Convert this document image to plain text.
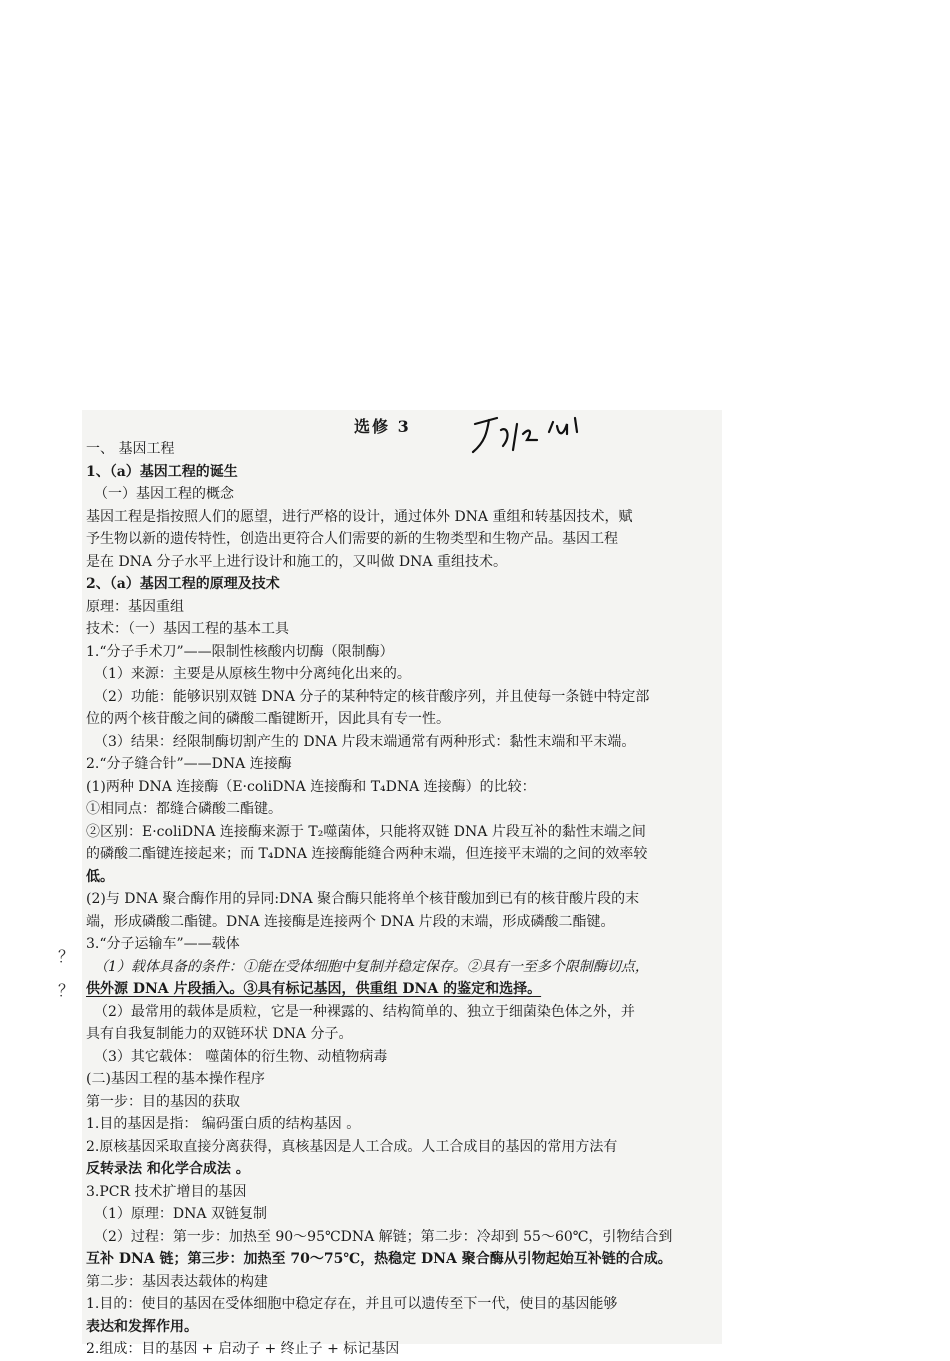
选修 3
一、 基因工程
1、（a）基因工程的诞生
（一）基因工程的概念
基因工程是指按照人们的愿望，进行严格的设计，通过体外 DNA 重组和转基因技术，赋
予生物以新的遗传特性，创造出更符合人们需要的新的生物类型和生物产品。基因工程
是在 DNA 分子水平上进行设计和施工的，又叫做 DNA 重组技术。
2、（a）基因工程的原理及技术
原理：基因重组
技术：（一）基因工程的基本工具
1.“分子手术刀”——限制性核酸内切酶（限制酶）
（1）来源：主要是从原核生物中分离纯化出来的。
（2）功能：能够识别双链 DNA 分子的某种特定的核苷酸序列，并且使每一条链中特定部
位的两个核苷酸之间的磷酸二酯键断开，因此具有专一性。
（3）结果：经限制酶切割产生的 DNA 片段末端通常有两种形式：黏性末端和平末端。
2.“分子缝合针”——DNA 连接酶
(1)两种 DNA 连接酶（E·coliDNA 连接酶和 T₄DNA 连接酶）的比较：
①相同点：都缝合磷酸二酯键。
②区别：E·coliDNA 连接酶来源于 T₂噬菌体，只能将双链 DNA 片段互补的黏性末端之间
的磷酸二酯键连接起来；而 T₄DNA 连接酶能缝合两种末端，但连接平末端的之间的效率较
低。
(2)与 DNA 聚合酶作用的异同:DNA 聚合酶只能将单个核苷酸加到已有的核苷酸片段的末
端，形成磷酸二酯键。DNA 连接酶是连接两个 DNA 片段的末端，形成磷酸二酯键。
3.“分子运输车”——载体
（1）载体具备的条件：①能在受体细胞中复制并稳定保存。②具有一至多个限制酶切点，
供外源 DNA 片段插入。③具有标记基因，供重组 DNA 的鉴定和选择。
（2）最常用的载体是质粒，它是一种裸露的、结构简单的、独立于细菌染色体之外，并
具有自我复制能力的双链环状 DNA 分子。
（3）其它载体： 噬菌体的衍生物、动植物病毒
(二)基因工程的基本操作程序
第一步：目的基因的获取
1.目的基因是指： 编码蛋白质的结构基因 。
2.原核基因采取直接分离获得，真核基因是人工合成。人工合成目的基因的常用方法有
反转录法 和化学合成法 。
3.PCR 技术扩增目的基因
（1）原理：DNA 双链复制
（2）过程：第一步：加热至 90～95℃DNA 解链；第二步：冷却到 55～60℃，引物结合到
互补 DNA 链；第三步：加热至 70～75℃，热稳定 DNA 聚合酶从引物起始互补链的合成。
第二步：基因表达载体的构建
1.目的：使目的基因在受体细胞中稳定存在，并且可以遗传至下一代，使目的基因能够
表达和发挥作用。
2.组成：目的基因 + 启动子 + 终止子 + 标记基因
？
？
